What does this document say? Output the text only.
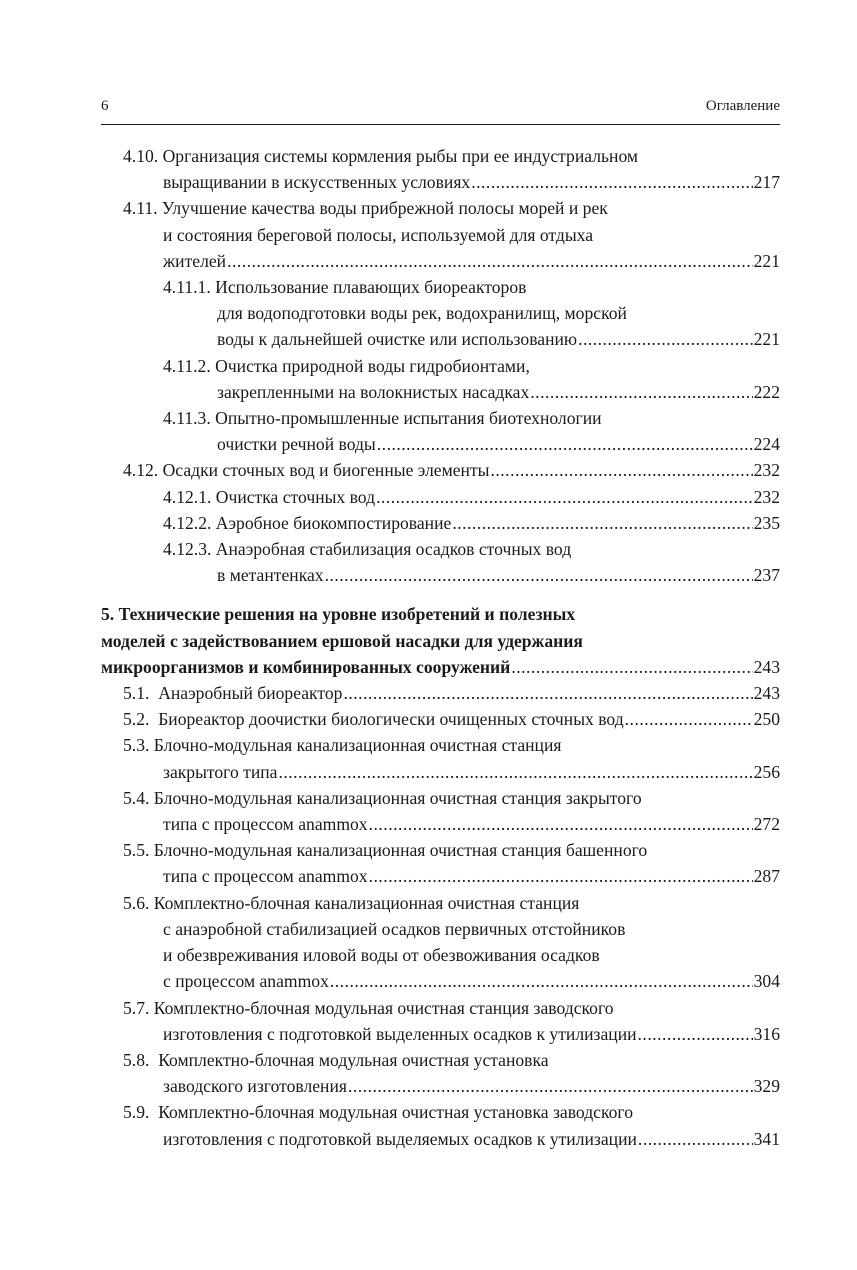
6	Оглавление
4.10. Организация системы кормления рыбы при ее индустриальном
выращивании в искусственных условиях .....	217
4.11. Улучшение качества воды прибрежной полосы морей и рек
и состояния береговой полосы, используемой для отдыха
жителей .....	221
4.11.1. Использование плавающих биореакторов
для водоподготовки воды рек, водохранилищ, морской
воды к дальнейшей очистке или использованию .....	221
4.11.2. Очистка природной воды гидробионтами,
закрепленными на волокнистых насадках .....	222
4.11.3. Опытно-промышленные испытания биотехнологии
очистки речной воды .....	224
4.12. Осадки сточных вод и биогенные элементы .....	232
4.12.1. Очистка сточных вод .....	232
4.12.2. Аэробное биокомпостирование .....	235
4.12.3. Анаэробная стабилизация осадков сточных вод
в метантенках .....	237
5. Технические решения на уровне изобретений и полезных
моделей с задействованием ершовой насадки для удержания
микроорганизмов и комбинированных сооружений .....	243
5.1.  Анаэробный биореактор .....	243
5.2.  Биореактор доочистки биологически очищенных сточных вод .....	250
5.3. Блочно-модульная канализационная очистная станция
закрытого типа .....	256
5.4. Блочно-модульная канализационная очистная станция закрытого
типа с процессом anammox .....	272
5.5. Блочно-модульная канализационная очистная станция башенного
типа с процессом anammox .....	287
5.6. Комплектно-блочная канализационная очистная станция
с анаэробной стабилизацией осадков первичных отстойников
и обезвреживания иловой воды от обезвоживания осадков
с процессом anammox .....	304
5.7. Комплектно-блочная модульная очистная станция заводского
изготовления с подготовкой выделенных осадков к утилизации .....	316
5.8.  Комплектно-блочная модульная очистная установка
заводского изготовления .....	329
5.9.  Комплектно-блочная модульная очистная установка заводского
изготовления с подготовкой выделяемых осадков к утилизации .....	341
